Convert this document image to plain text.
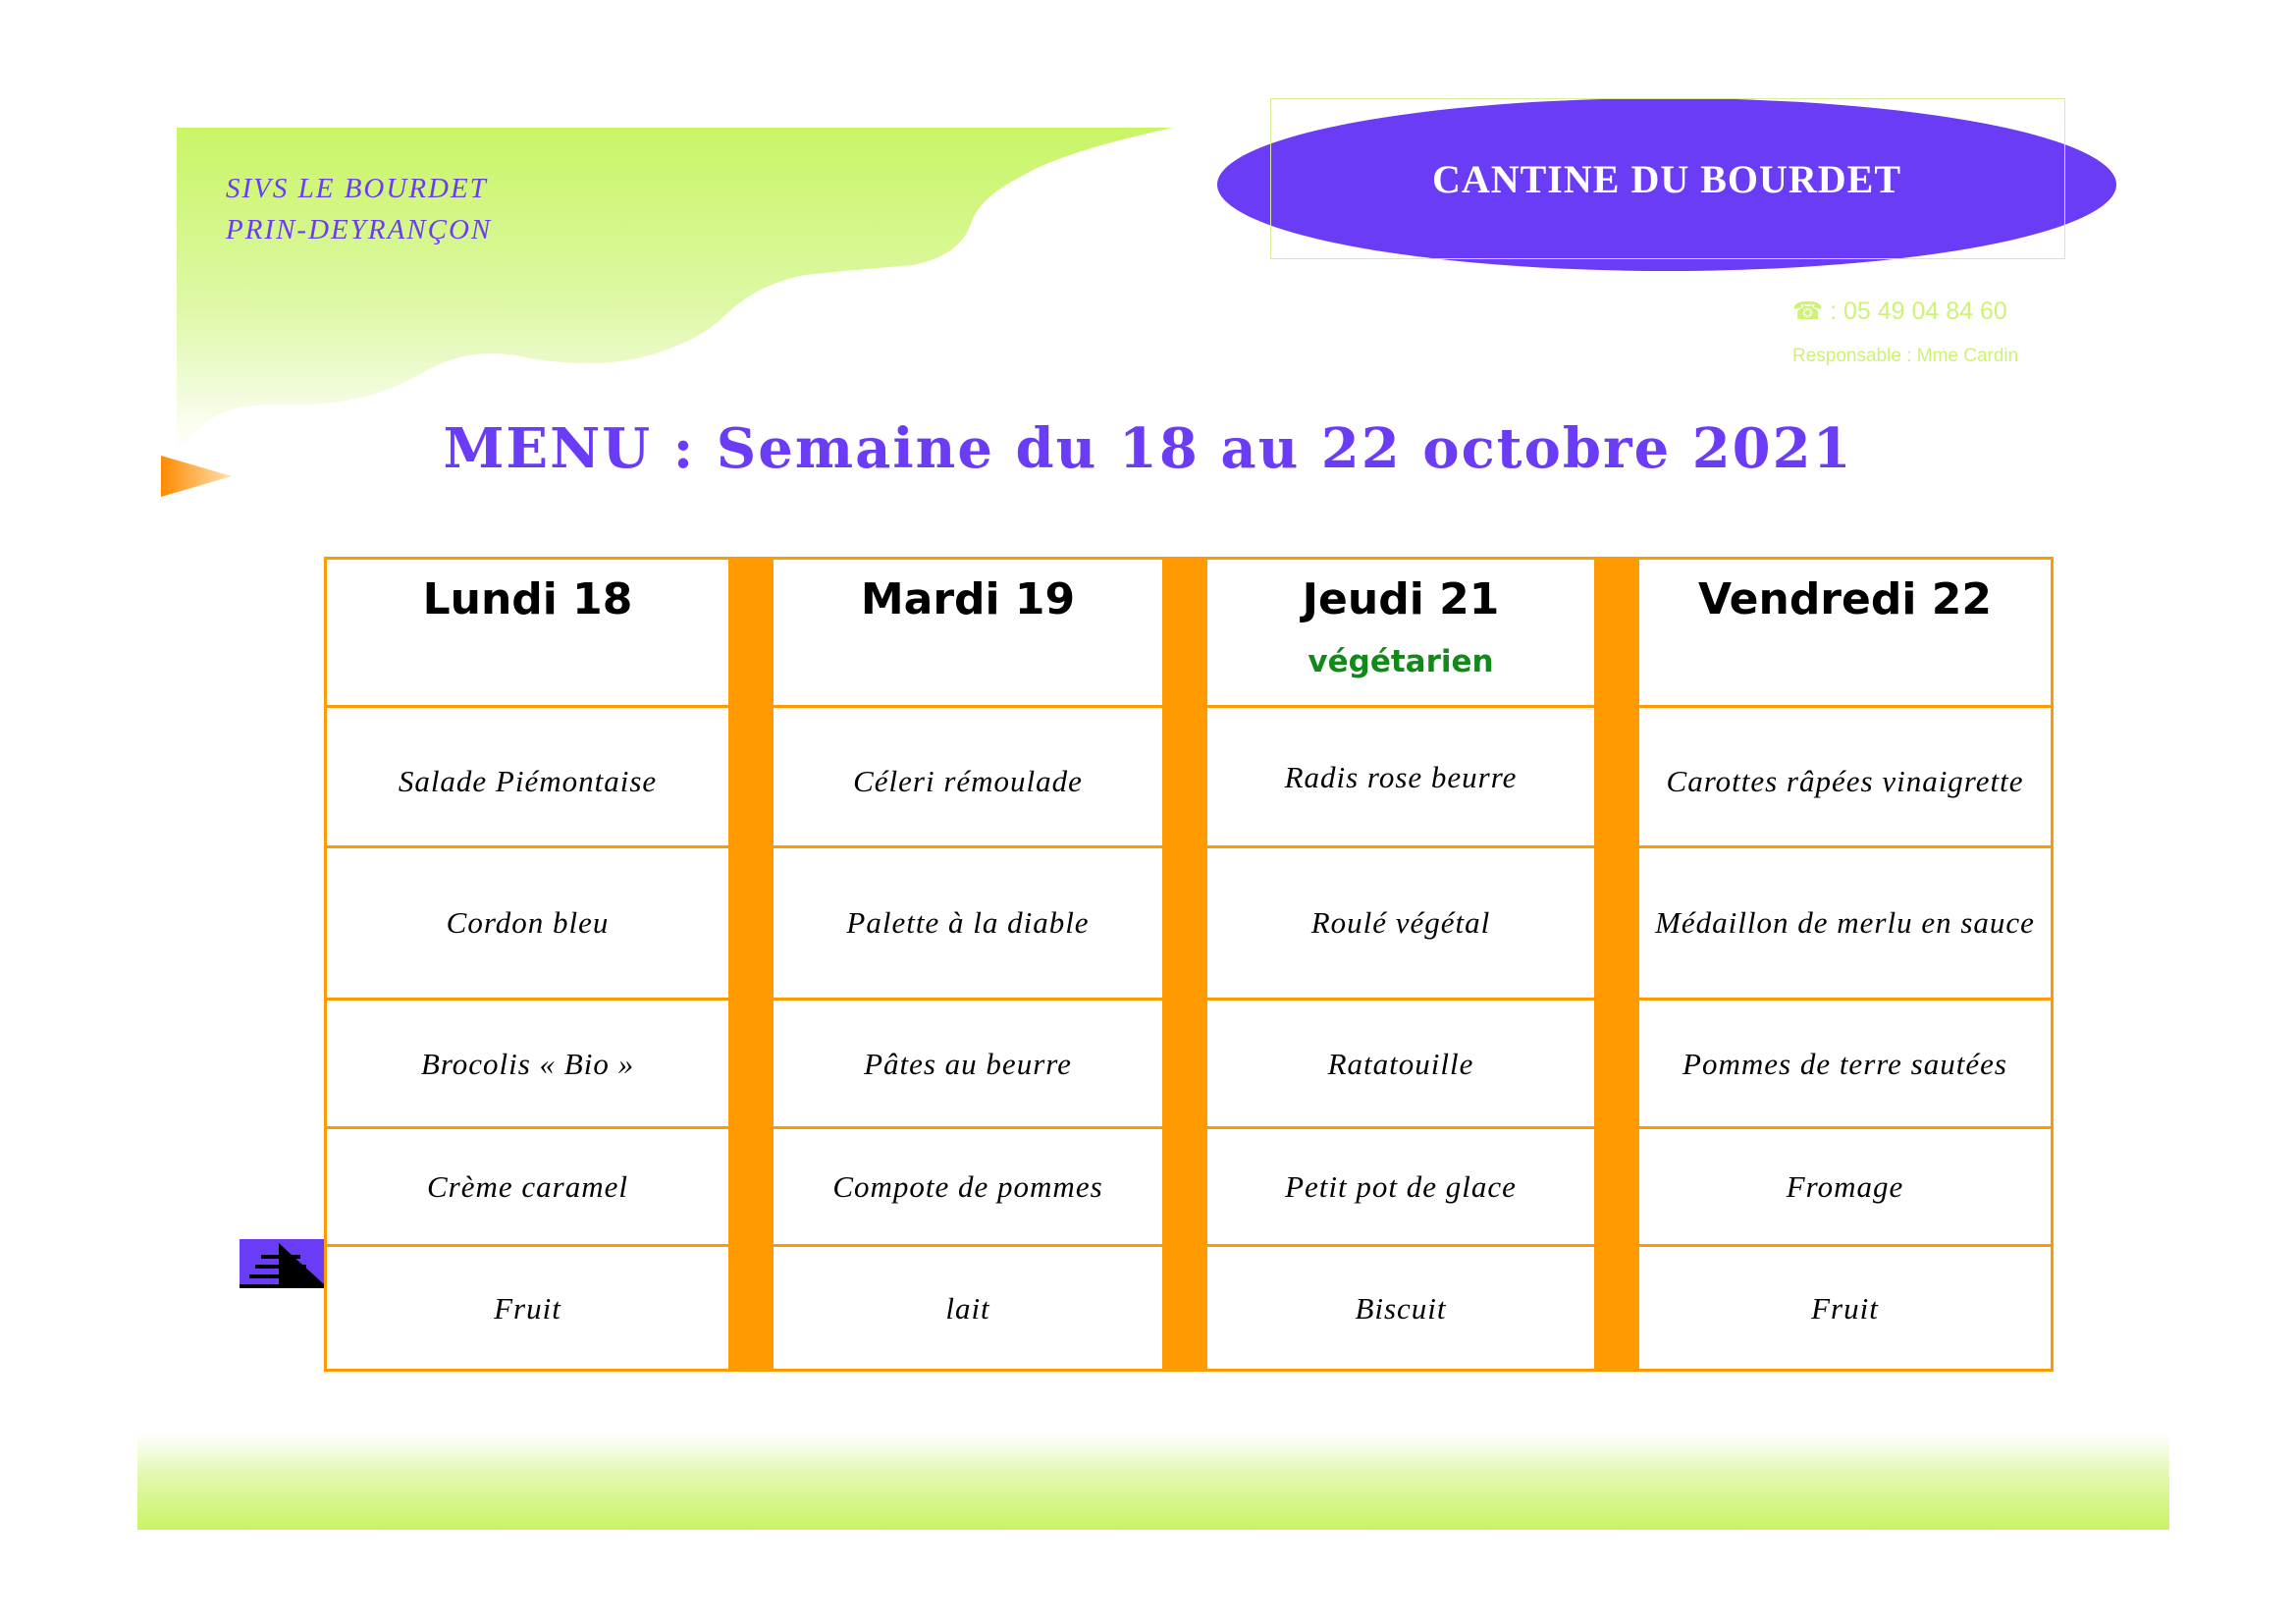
SIVS LE BOURDET
PRIN-DEYRANÇON
CANTINE DU BOURDET
☎ : 05 49 04 84 60
Responsable : Mme Cardin
MENU : Semaine du 18 au 22 octobre 2021
Lundi 18	Mardi 19	Jeudi 21
végétarien
Vendredi 22
Salade Piémontaise
Cordon bleu
Brocolis « Bio »
Crème caramel
Fruit
Céleri rémoulade
Palette à la diable
Pâtes au beurre
Compote de pommes
lait
Radis rose beurre
Roulé végétal
Ratatouille
Petit pot de glace
Biscuit
Carottes râpées vinaigrette
Médaillon de merlu en sauce
Pommes de terre sautées
Fromage
Fruit
